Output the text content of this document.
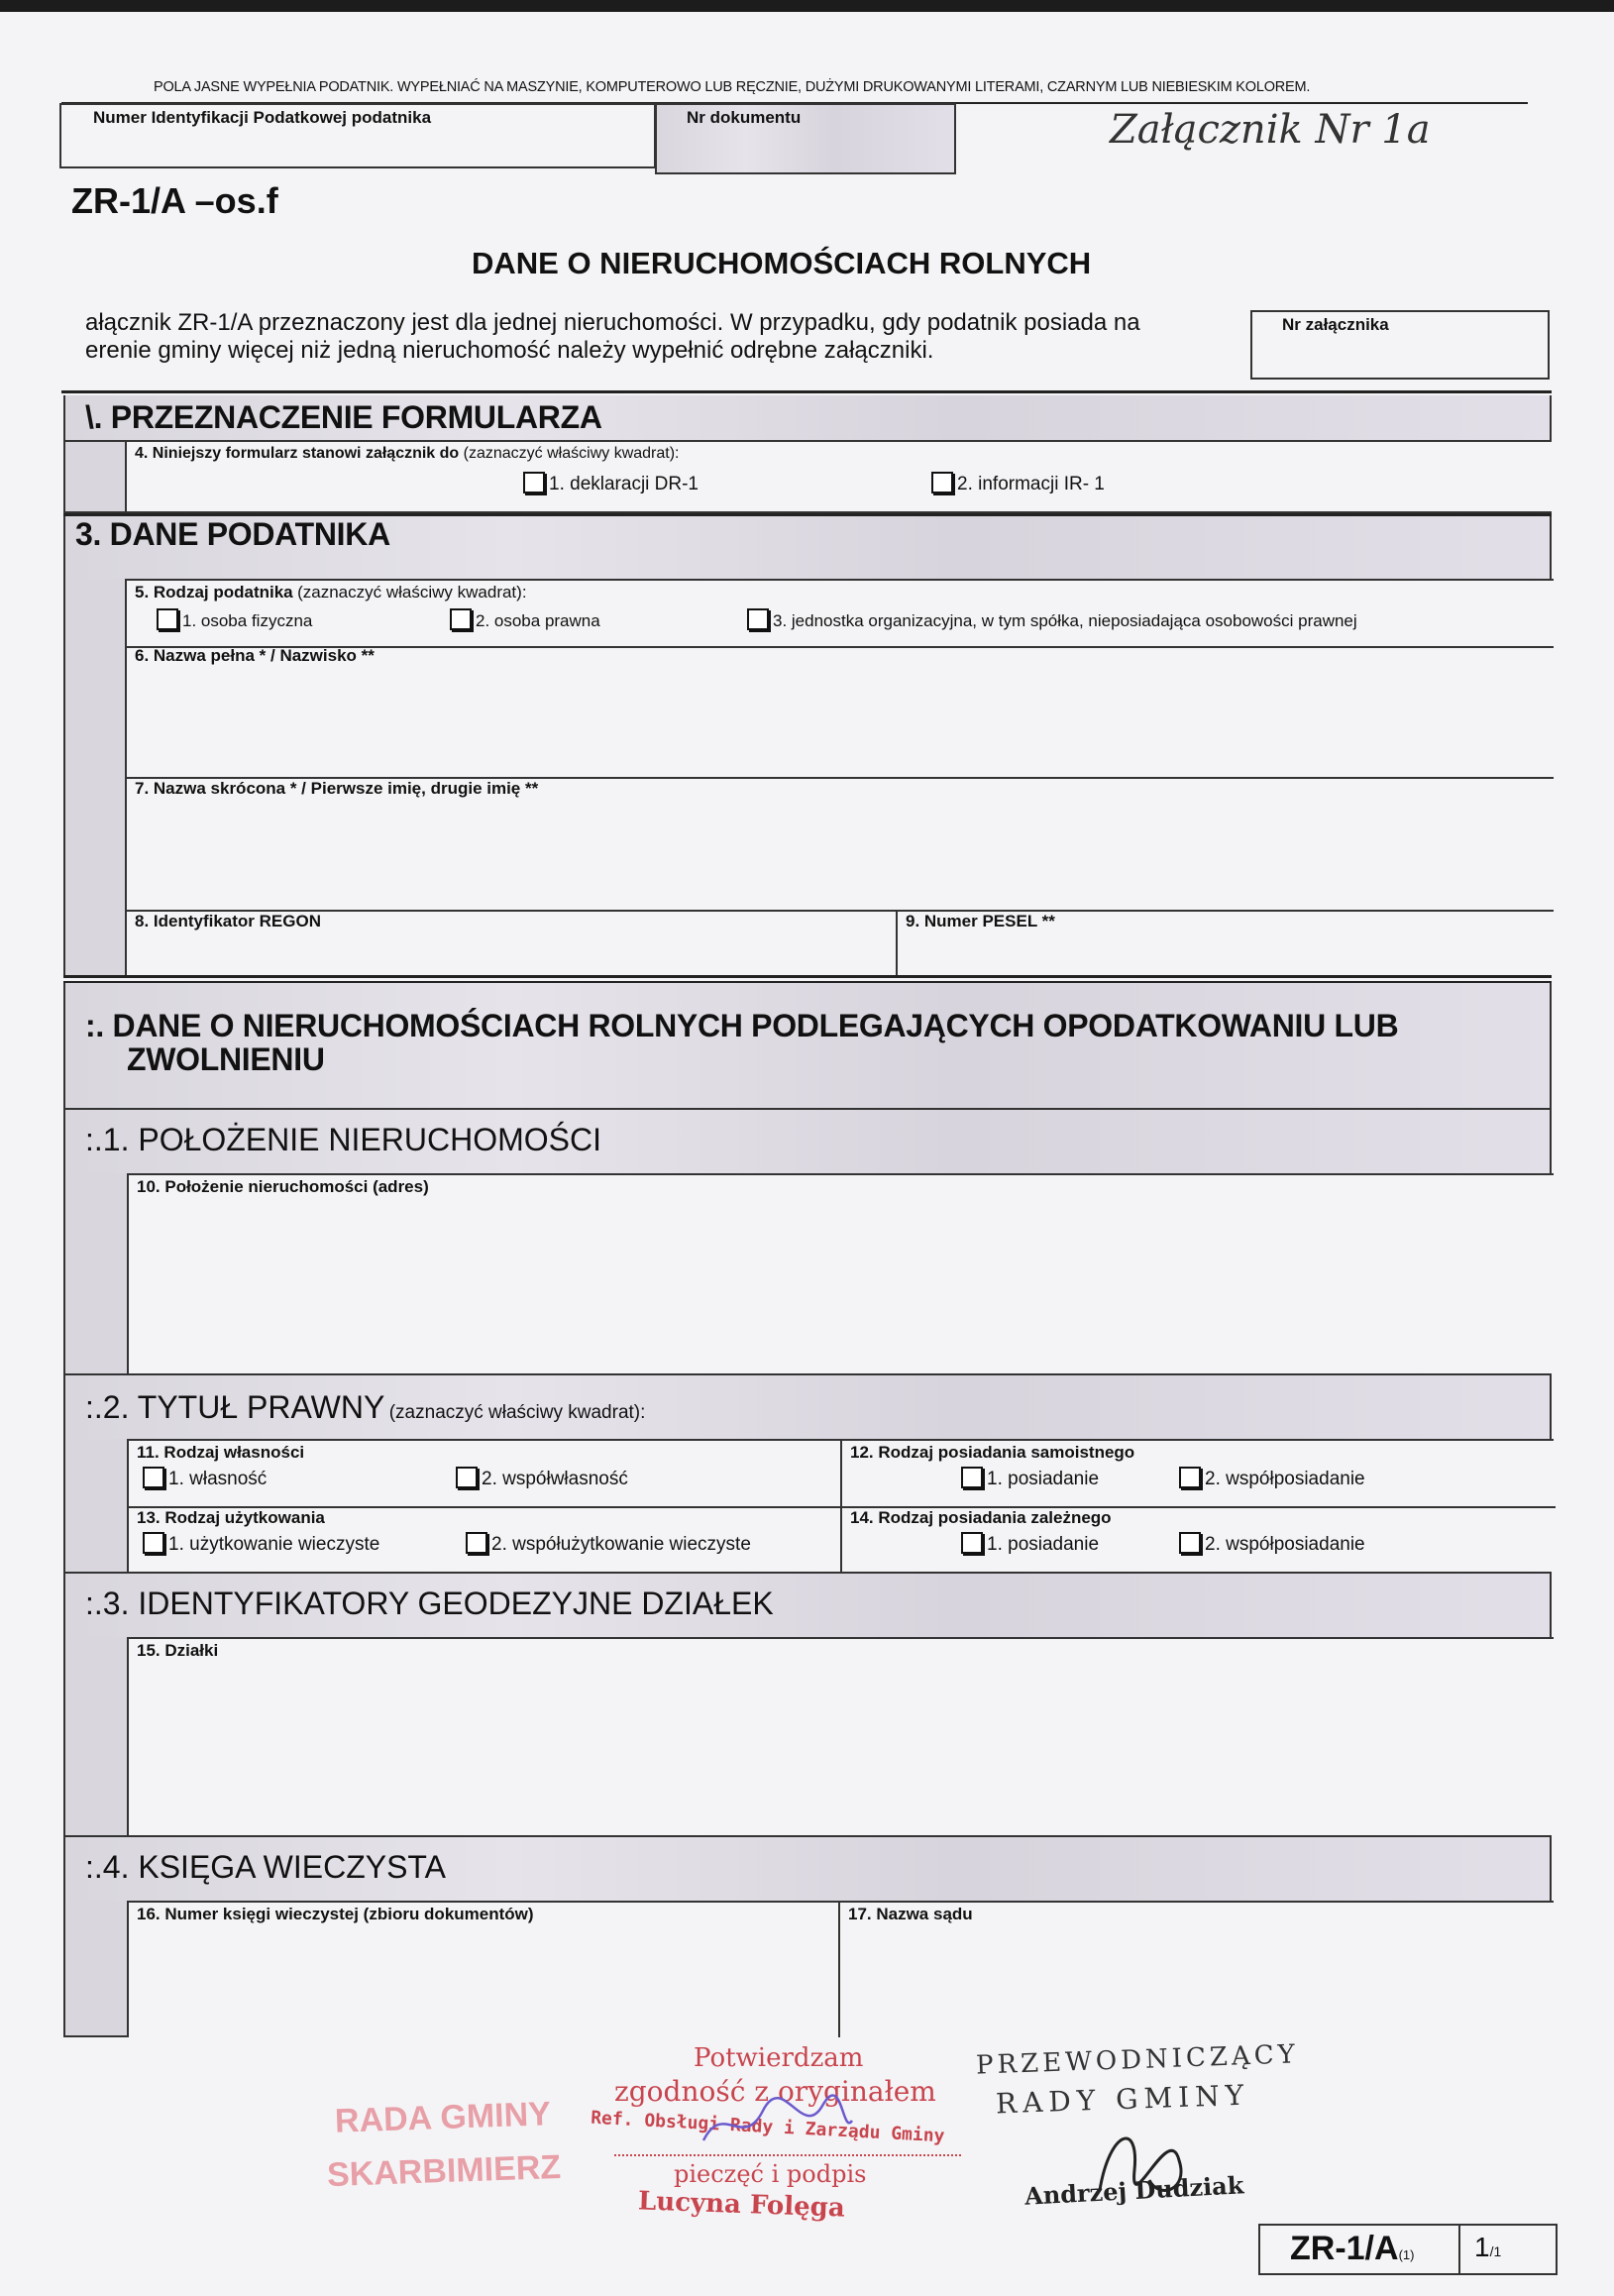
POLA JASNE WYPEŁNIA PODATNIK. WYPEŁNIAĆ NA MASZYNIE, KOMPUTEROWO LUB RĘCZNIE, DUŻYMI DRUKOWANYMI LITERAMI, CZARNYM LUB NIEBIESKIM KOLOREM.
Numer Identyfikacji Podatkowej podatnika	Nr dokumentu	Załącznik Nr 1a
ZR-1/A –os.f
DANE O NIERUCHOMOŚCIACH ROLNYCH
ałącznik ZR-1/A przeznaczony jest dla jednej nieruchomości. W przypadku, gdy podatnik posiada na
erenie gminy więcej niż jedną nieruchomość należy wypełnić odrębne załączniki.
Nr załącznika
\. PRZEZNACZENIE FORMULARZA
4. Niniejszy formularz stanowi załącznik do (zaznaczyć właściwy kwadrat):
1. deklaracji DR-1	2. informacji IR- 1
3. DANE PODATNIKA
5. Rodzaj podatnika (zaznaczyć właściwy kwadrat):
1. osoba fizyczna	2. osoba prawna	3. jednostka organizacyjna, w tym spółka, nieposiadająca osobowości prawnej
6. Nazwa pełna * / Nazwisko **
7. Nazwa skrócona * / Pierwsze imię, drugie imię **
8. Identyfikator REGON	9. Numer PESEL **
:. DANE O NIERUCHOMOŚCIACH ROLNYCH PODLEGAJĄCYCH OPODATKOWANIU LUB
ZWOLNIENIU
:.1. POŁOŻENIE NIERUCHOMOŚCI
10. Położenie nieruchomości (adres)
:.2. TYTUŁ PRAWNY (zaznaczyć właściwy kwadrat):
11. Rodzaj własności
1. własność	2. współwłasność
12. Rodzaj posiadania samoistnego
1. posiadanie	2. współposiadanie
13. Rodzaj użytkowania
1. użytkowanie wieczyste	2. współużytkowanie wieczyste
14. Rodzaj posiadania zależnego
1. posiadanie	2. współposiadanie
:.3. IDENTYFIKATORY GEODEZYJNE DZIAŁEK
15. Działki
:.4. KSIĘGA WIECZYSTA
16. Numer księgi wieczystej (zbioru dokumentów)	17. Nazwa sądu
RADA GMINY
SKARBIMIERZ
Potwierdzam
zgodność z oryginałem
Ref. Obsługi Rady i Zarządu Gminy
pieczęć i podpis
Lucyna Folęga
PRZEWODNICZĄCY
RADY GMINY
Andrzej Dudziak
ZR-1/A(1) 1/1
